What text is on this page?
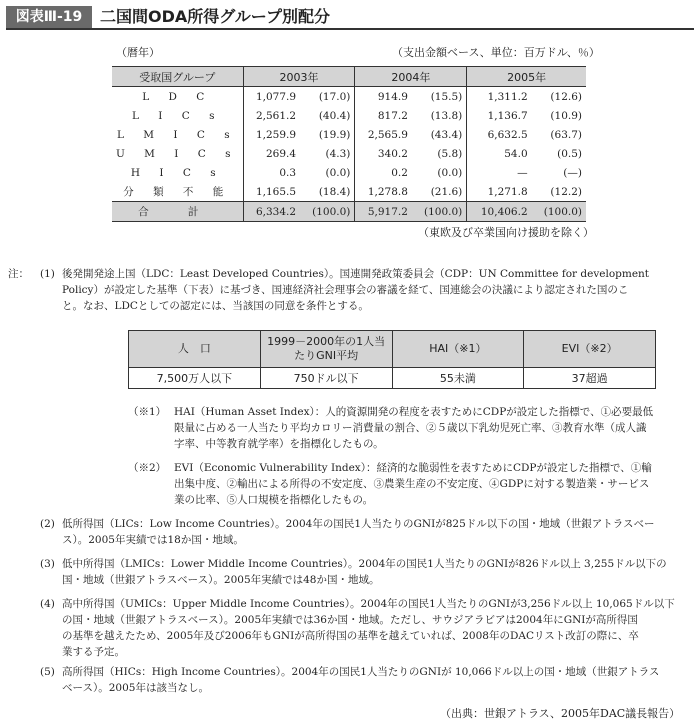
図表Ⅲ-19	二国間ODA所得グループ別配分
（暦年）	（支出金額ベース、単位：百万ドル、％）
受取国グループ	2003年		2004年		2005年	
L D C	1,077.9	(17.0)	914.9	(15.5)	1,311.2	(12.6)
L I C s	2,561.2	(40.4)	817.2	(13.8)	1,136.7	(10.9)
L M I C s	1,259.9	(19.9)	2,565.9	(43.4)	6,632.5	(63.7)
U M I C s	269.4	(4.3)	340.2	(5.8)	54.0	(0.5)
H I C s	0.3	(0.0)	0.2	(0.0)	—	(—)
分 類 不 能	1,165.5	(18.4)	1,278.8	(21.6)	1,271.8	(12.2)
合 計	6,334.2	(100.0)	5,917.2	(100.0)	10,406.2	(100.0)
（東欧及び卒業国向け援助を除く）
注： (1) 後発開発途上国（LDC：Least Developed Countries）。国連開発政策委員会（CDP：UN Committee for development
Policy）が設定した基準（下表）に基づき、国連経済社会理事会の審議を経て、国連総会の決議により認定された国のこ
と。なお、LDCとしての認定には、当該国の同意を条件とする。
人　口	1999－2000年の1人当たりGNI平均	HAI（※1）	EVI（※2）
7,500万人以下	750ドル以下	55未満	37超過
（※1） HAI（Human Asset Index）：人的資源開発の程度を表すためにCDPが設定した指標で、①必要最低
限量に占める一人当たり平均カロリー消費量の割合、②５歳以下乳幼児死亡率、③教育水準（成人識
字率、中等教育就学率）を指標化したもの。
（※2） EVI（Economic Vulnerability Index）：経済的な脆弱性を表すためにCDPが設定した指標で、①輸
出集中度、②輸出による所得の不安定度、③農業生産の不安定度、④GDPに対する製造業・サービス
業の比率、⑤人口規模を指標化したもの。
(2) 低所得国（LICs：Low Income Countries）。2004年の国民1人当たりのGNIが825ドル以下の国・地域（世銀アトラスベー
ス）。2005年実績では18か国・地域。
(3) 低中所得国（LMICs：Lower Middle Income Countries）。2004年の国民1人当たりのGNIが826ドル以上 3,255ドル以下の
国・地域（世銀アトラスベース）。2005年実績では48か国・地域。
(4) 高中所得国（UMICs：Upper Middle Income Countries）。2004年の国民1人当たりのGNIが3,256ドル以上 10,065ドル以下
の国・地域（世銀アトラスベース）。2005年実績では36か国・地域。ただし、サウジアラビアは2004年にGNIが高所得国
の基準を越えたため、2005年及び2006年もGNIが高所得国の基準を越えていれば、2008年のDACリスト改訂の際に、卒
業する予定。
(5) 高所得国（HICs：High Income Countries）。2004年の国民1人当たりのGNIが 10,066ドル以上の国・地域（世銀アトラス
ベース）。2005年は該当なし。
（出典：世銀アトラス、2005年DAC議長報告）
